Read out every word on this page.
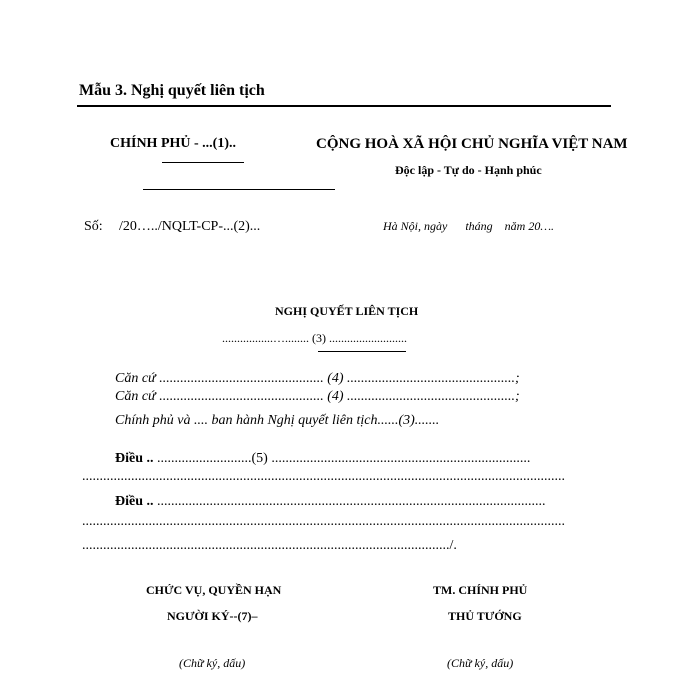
Mẫu 3. Nghị quyết liên tịch
CHÍNH PHỦ - ...(1)..	CỘNG HOÀ XÃ HỘI CHỦ NGHĨA VIỆT NAM
Độc lập - Tự do - Hạnh phúc
Số: /20…../NQLT-CP-...(2)...	Hà Nội, ngày      tháng    năm 20….
NGHỊ QUYẾT LIÊN TỊCH
.................…........ (3) ..........................
Căn cứ ............................................... (4) ................................................;
Căn cứ ............................................... (4) ................................................;
Chính phủ và .... ban hành Nghị quyết liên tịch......(3).......
Điều .. ...........................(5) ..........................................................................
..........................................................................................................................................
Điều .. ...............................................................................................................
..........................................................................................................................................
........................................................................................................./.
CHỨC VỤ, QUYỀN HẠN
NGƯỜI KÝ--(7)–
(Chữ ký, dấu)
TM. CHÍNH PHỦ
THỦ TƯỚNG
(Chữ ký, dấu)
